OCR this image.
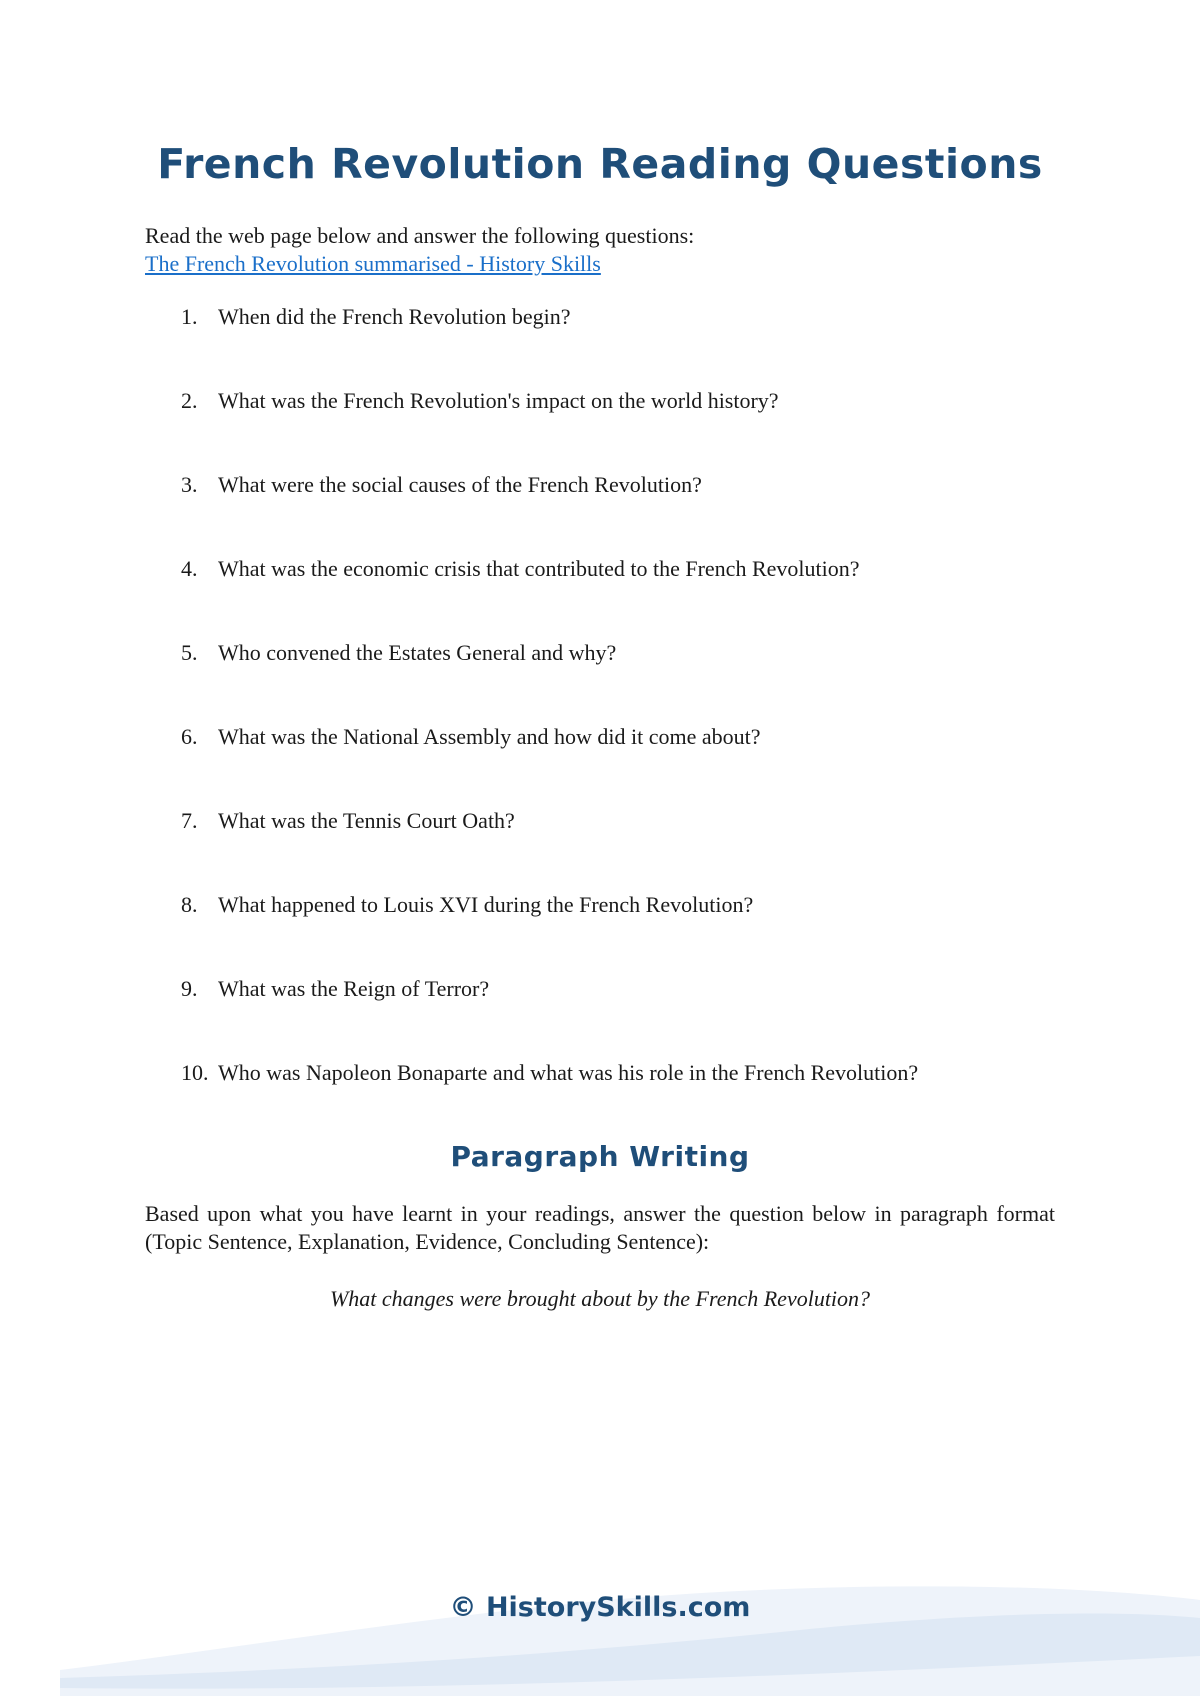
French Revolution Reading Questions
Read the web page below and answer the following questions:
The French Revolution summarised - History Skills
1. When did the French Revolution begin?
2. What was the French Revolution's impact on the world history?
3. What were the social causes of the French Revolution?
4. What was the economic crisis that contributed to the French Revolution?
5. Who convened the Estates General and why?
6. What was the National Assembly and how did it come about?
7. What was the Tennis Court Oath?
8. What happened to Louis XVI during the French Revolution?
9. What was the Reign of Terror?
10. Who was Napoleon Bonaparte and what was his role in the French Revolution?
Paragraph Writing

Based upon what you have learnt in your readings, answer the question below in paragraph format (Topic Sentence, Explanation, Evidence, Concluding Sentence):

What changes were brought about by the French Revolution?

© HistorySkills.com
